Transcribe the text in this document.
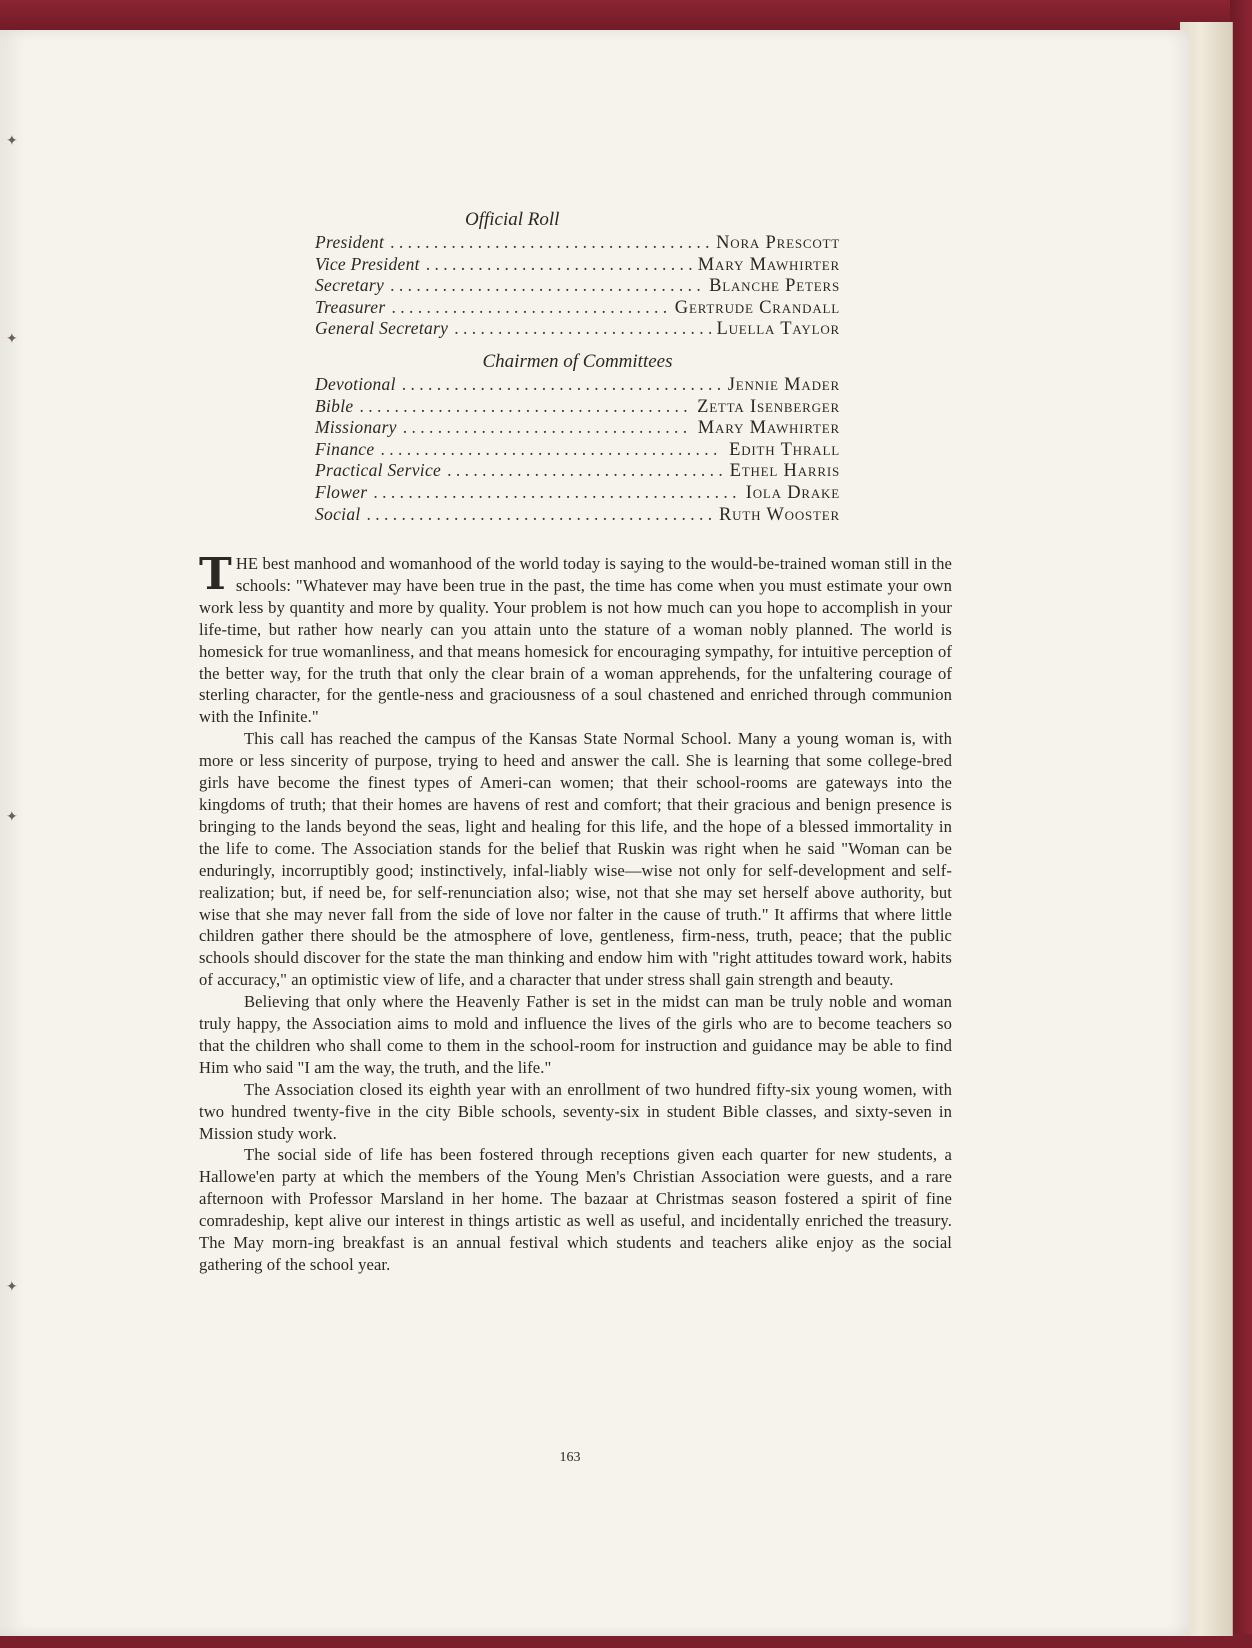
✦
✦
✦
✦
Official Roll
President . . .	Nora Prescott
Vice President . . .	Mary Mawhirter
Secretary . . .	Blanche Peters
Treasurer . . .	Gertrude Crandall
General Secretary . . .	Luella Taylor
Chairmen of Committees
Devotional . . .	Jennie Mader
Bible . . .	Zetta Isenberger
Missionary . . .	Mary Mawhirter
Finance . . .	Edith Thrall
Practical Service . . .	Ethel Harris
Flower . . .	Iola Drake
Social . . .	Ruth Wooster

THE best manhood and womanhood of the world today is saying to the would-be-trained woman still in the schools: "Whatever may have been true in the past, the time has come when you must estimate your own work less by quantity and more by quality. Your problem is not how much can you hope to accomplish in your life-time, but rather how nearly can you attain unto the stature of a woman nobly planned. The world is homesick for true womanliness, and that means homesick for encouraging sympathy, for intuitive perception of the better way, for the truth that only the clear brain of a woman apprehends, for the unfaltering courage of sterling character, for the gentle-ness and graciousness of a soul chastened and enriched through communion with the Infinite."

This call has reached the campus of the Kansas State Normal School. Many a young woman is, with more or less sincerity of purpose, trying to heed and answer the call. She is learning that some college-bred girls have become the finest types of Ameri-can women; that their school-rooms are gateways into the kingdoms of truth; that their homes are havens of rest and comfort; that their gracious and benign presence is bringing to the lands beyond the seas, light and healing for this life, and the hope of a blessed immortality in the life to come. The Association stands for the belief that Ruskin was right when he said "Woman can be enduringly, incorruptibly good; instinctively, infal-liably wise—wise not only for self-development and self-realization; but, if need be, for self-renunciation also; wise, not that she may set herself above authority, but wise that she may never fall from the side of love nor falter in the cause of truth." It affirms that where little children gather there should be the atmosphere of love, gentleness, firm-ness, truth, peace; that the public schools should discover for the state the man thinking and endow him with "right attitudes toward work, habits of accuracy," an optimistic view of life, and a character that under stress shall gain strength and beauty.

Believing that only where the Heavenly Father is set in the midst can man be truly noble and woman truly happy, the Association aims to mold and influence the lives of the girls who are to become teachers so that the children who shall come to them in the school-room for instruction and guidance may be able to find Him who said "I am the way, the truth, and the life."

The Association closed its eighth year with an enrollment of two hundred fifty-six young women, with two hundred twenty-five in the city Bible schools, seventy-six in student Bible classes, and sixty-seven in Mission study work.

The social side of life has been fostered through receptions given each quarter for new students, a Hallowe'en party at which the members of the Young Men's Christian Association were guests, and a rare afternoon with Professor Marsland in her home. The bazaar at Christmas season fostered a spirit of fine comradeship, kept alive our interest in things artistic as well as useful, and incidentally enriched the treasury. The May morn-ing breakfast is an annual festival which students and teachers alike enjoy as the social gathering of the school year.

163
